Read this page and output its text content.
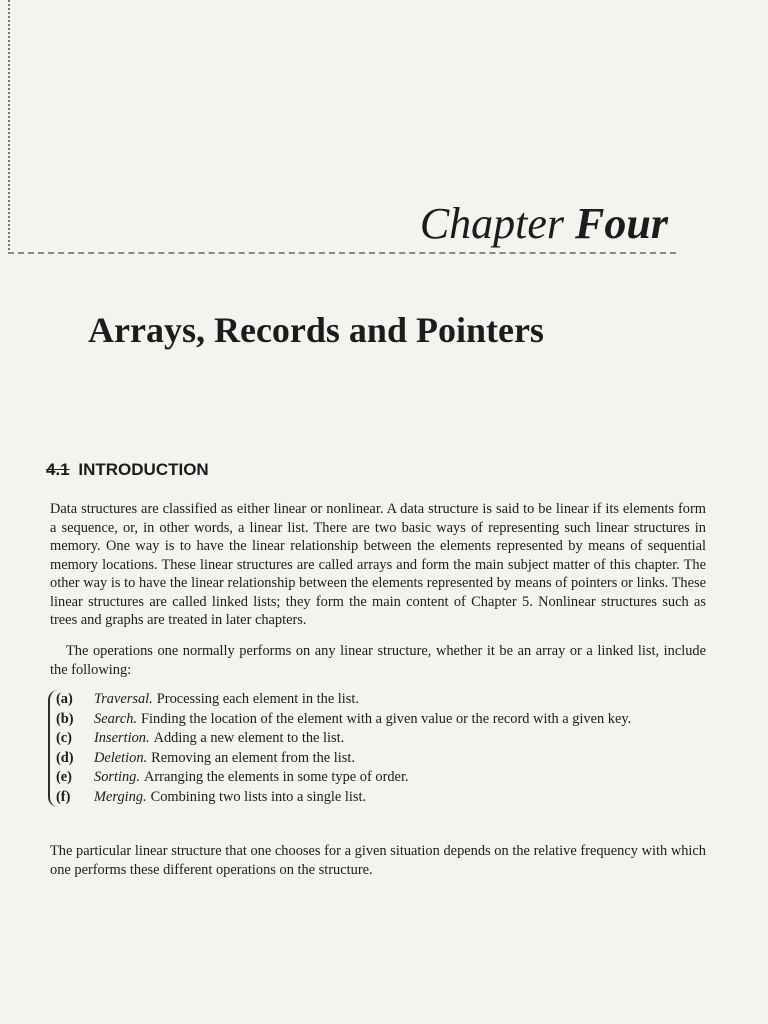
Chapter Four
Arrays, Records and Pointers
4.1 INTRODUCTION

Data structures are classified as either linear or nonlinear. A data structure is said to be linear if its elements form a sequence, or, in other words, a linear list. There are two basic ways of representing such linear structures in memory. One way is to have the linear relationship between the elements represented by means of sequential memory locations. These linear structures are called arrays and form the main subject matter of this chapter. The other way is to have the linear relationship between the elements represented by means of pointers or links. These linear structures are called linked lists; they form the main content of Chapter 5. Nonlinear structures such as trees and graphs are treated in later chapters.

The operations one normally performs on any linear structure, whether it be an array or a linked list, include the following:

(a)	Traversal. Processing each element in the list.
(b)	Search. Finding the location of the element with a given value or the record with a given key.
(c)	Insertion. Adding a new element to the list.
(d)	Deletion. Removing an element from the list.
(e)	Sorting. Arranging the elements in some type of order.
(f)	Merging. Combining two lists into a single list.

The particular linear structure that one chooses for a given situation depends on the relative frequency with which one performs these different operations on the structure.
